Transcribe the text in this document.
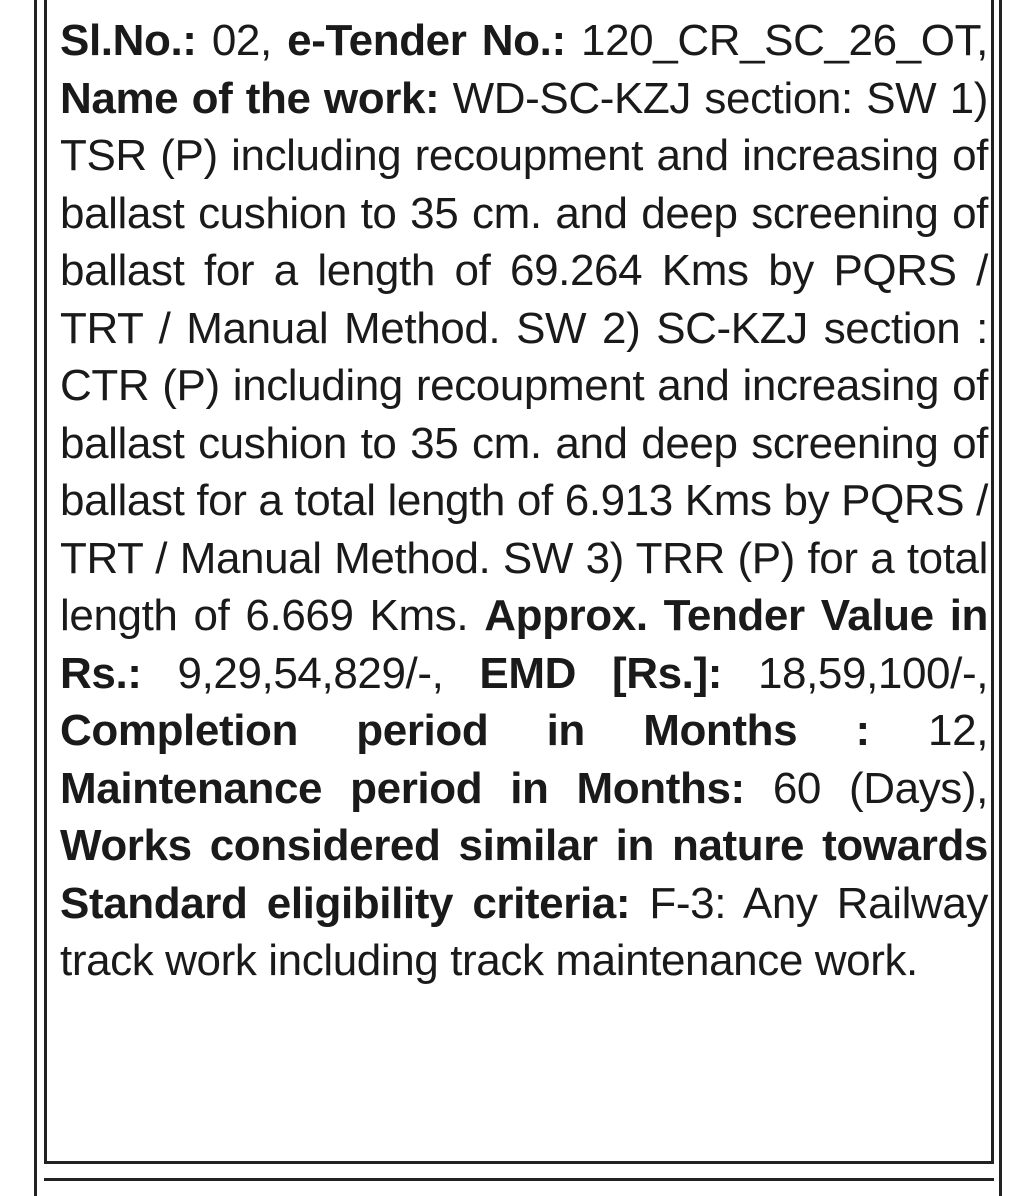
Sl.No.: 02, e-Tender No.: 120_CR_SC_26_OT, Name of the work: WD-SC-KZJ section: SW 1) TSR (P) including recoupment and increasing of ballast cushion to 35 cm. and deep screening of ballast for a length of 69.264 Kms by PQRS / TRT / Manual Method. SW 2) SC-KZJ section : CTR (P) including recoupment and increasing of ballast cushion to 35 cm. and deep screening of ballast for a total length of 6.913 Kms by PQRS / TRT / Manual Method. SW 3) TRR (P) for a total length of 6.669 Kms. Approx. Tender Value in Rs.: 9,29,54,829/-, EMD [Rs.]: 18,59,100/-, Completion period in Months : 12, Maintenance period in Months: 60 (Days), Works considered similar in nature towards Standard eligibility criteria: F-3: Any Railway track work including track maintenance work.
